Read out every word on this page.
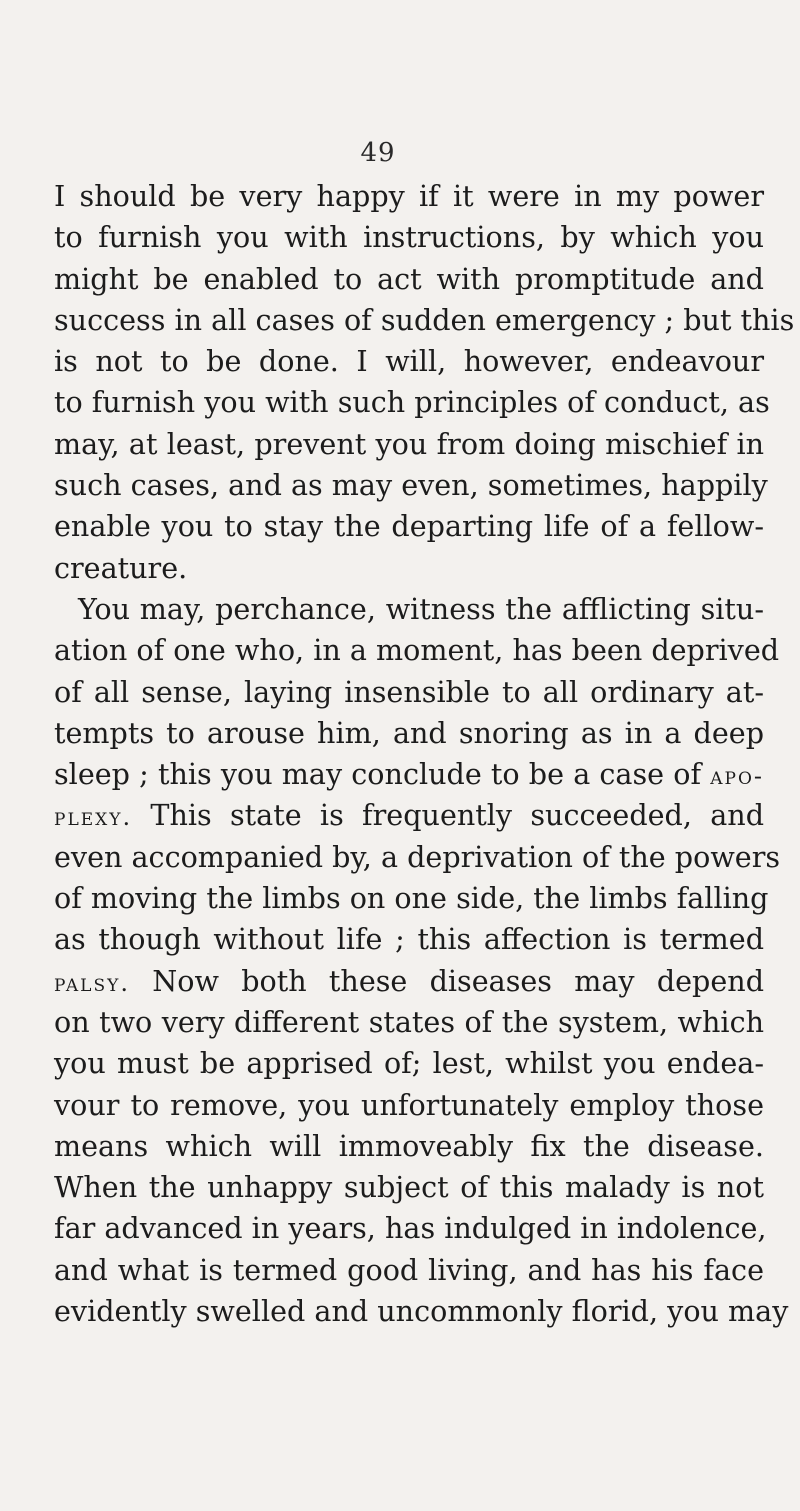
49
I should be very happy if it were in my power
to furnish you with instructions, by which you
might be enabled to act with promptitude and
success in all cases of sudden emergency ; but this
is not to be done. I will, however, endeavour
to furnish you with such principles of conduct, as
may, at least, prevent you from doing mischief in
such cases, and as may even, sometimes, happily
enable you to stay the departing life of a fellow-
creature.
You may, perchance, witness the afflicting situ-
ation of one who, in a moment, has been deprived
of all sense, laying insensible to all ordinary at-
tempts to arouse him, and snoring as in a deep
sleep ; this you may conclude to be a case of apo-
plexy. This state is frequently succeeded, and
even accompanied by, a deprivation of the powers
of moving the limbs on one side, the limbs falling
as though without life ; this affection is termed
palsy. Now both these diseases may depend
on two very different states of the system, which
you must be apprised of; lest, whilst you endea-
vour to remove, you unfortunately employ those
means which will immoveably fix the disease.
When the unhappy subject of this malady is not
far advanced in years, has indulged in indolence,
and what is termed good living, and has his face
evidently swelled and uncommonly florid, you may
